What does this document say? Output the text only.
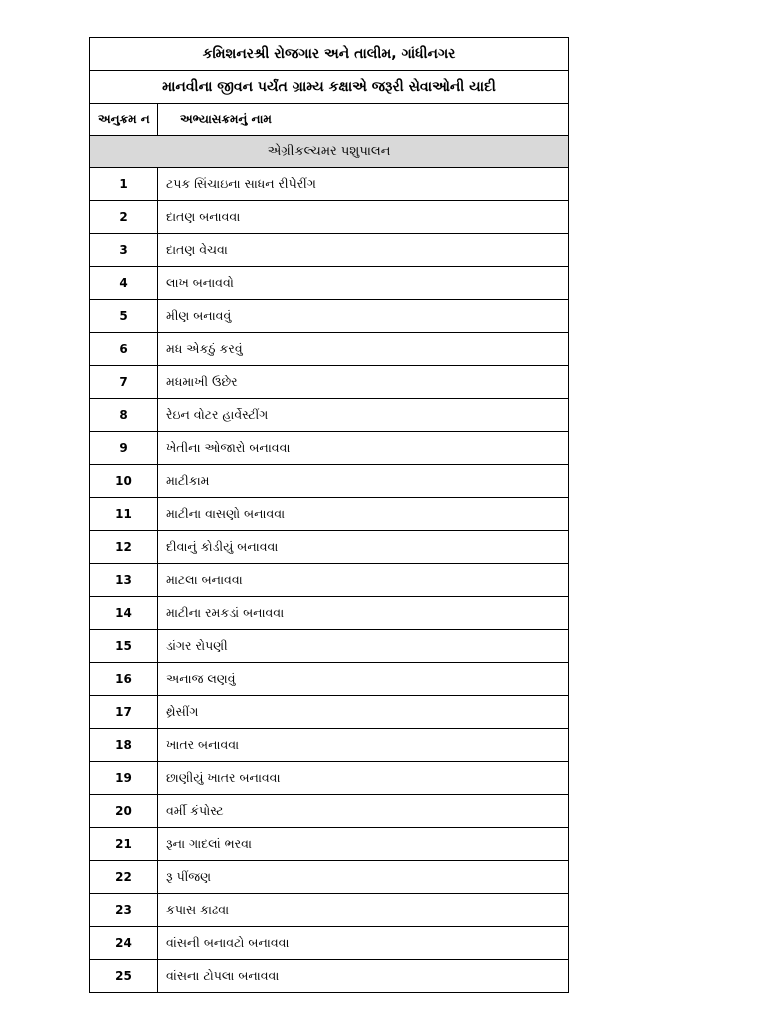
કમિશનરશ્રી રોજગાર અને તાલીમ, ગાંધીનગર	
માનવીના જીવન પર્યંત ગ્રામ્ય કક્ષાએ જરૂરી સેવાઓની યાદી	
અનુક્રમ ન	અભ્યાસક્રમનું નામ
એગ્રીકલ્ચમર પશુપાલન	
1	ટપક સિંચાઇના સાધન રીપેરીંગ
2	દાતણ બનાવવા
3	દાતણ વેચવા
4	લાખ બનાવવો
5	મીણ બનાવવું
6	મધ એકઠું કરવું
7	મધમાખી ઉછેર
8	રેઇન વોટર હાર્વેસ્ટીંગ
9	ખેતીના ઓજારો બનાવવા
10	માટીકામ
11	માટીના વાસણો બનાવવા
12	દીવાનું કોડીયું બનાવવા
13	માટલા બનાવવા
14	માટીના રમકડાં બનાવવા
15	ડાંગર રોપણી
16	અનાજ લણવું
17	થ્રેસીંગ
18	ખાતર બનાવવા
19	છાણીયું ખાતર બનાવવા
20	વર્મી કંપોસ્ટ
21	રૂના ગાદલાં ભરવા
22	રૂ પીંજણ
23	કપાસ કાઢવા
24	વાંસની બનાવટો બનાવવા
25	વાંસના ટોપલા બનાવવા
